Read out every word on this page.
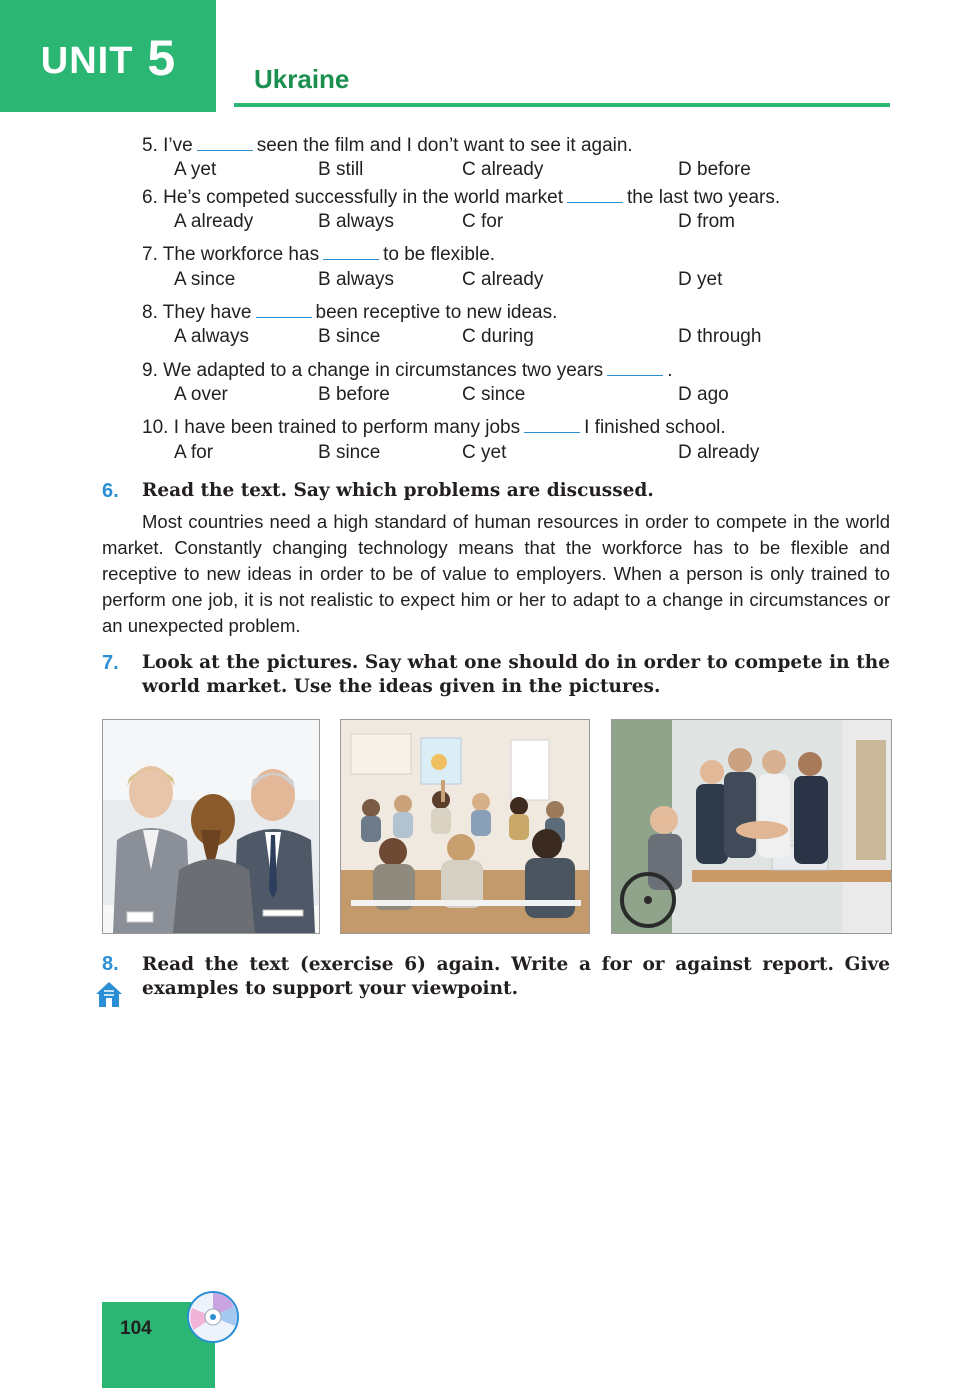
UNIT 5	Ukraine
5. I’ve	seen the film and I don’t want to see it again.
A yet	B still	C already	D before
6. He’s competed successfully in the world market	the last two years.
A already	B always	C for	D from
7. The workforce has	to be flexible.
A since	B always	C already	D yet
8. They have	been receptive to new ideas.
A always	B since	C during	D through
9. We adapted to a change in circumstances two years	.
A over	B before	C since	D ago
10. I have been trained to perform many jobs	I finished school.
A for	B since	C yet	D already
6. Read the text. Say which problems are discussed.
Most countries need a high standard of human resources in order to compete in the world market. Constantly changing technology means that the workforce has to be flexible and receptive to new ideas in order to be of value to employers. When a person is only trained to perform one job, it is not realistic to expect him or her to adapt to a change in circumstances or an unexpected problem.
7. Look at the pictures. Say what one should do in order to compete in the world market. Use the ideas given in the pictures.
8. Read the text (exercise 6) again. Write a for or against report. Give examples to support your viewpoint.
104
